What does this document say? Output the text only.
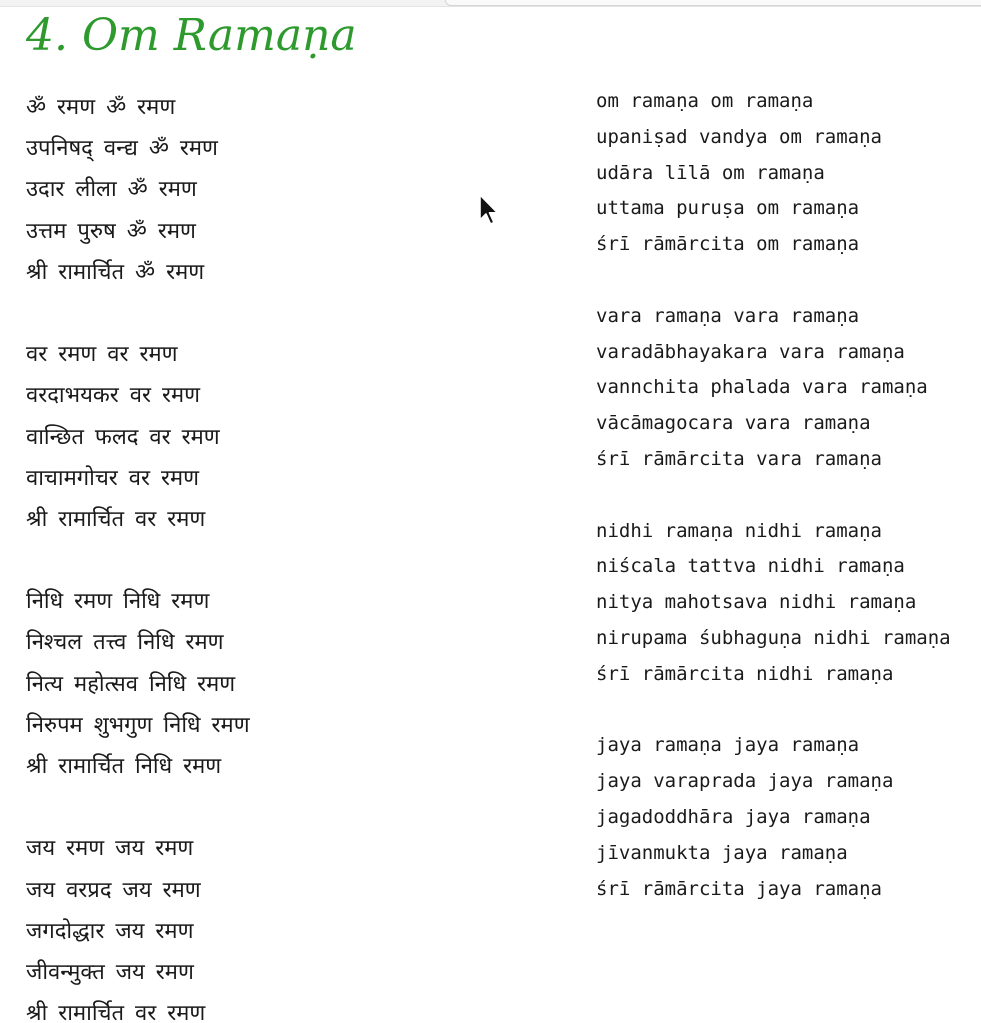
4. Om Ramaṇa
ॐ रमण ॐ रमण
उपनिषद् वन्द्य ॐ रमण
उदार लीला ॐ रमण
उत्तम पुरुष ॐ रमण
श्री रामार्चित ॐ रमण
वर रमण वर रमण
वरदाभयकर वर रमण
वान्छित फलद वर रमण
वाचामगोचर वर रमण
श्री रामार्चित वर रमण
निधि रमण निधि रमण
निश्चल तत्त्व निधि रमण
नित्य महोत्सव निधि रमण
निरुपम शुभगुण निधि रमण
श्री रामार्चित निधि रमण
जय रमण जय रमण
जय वरप्रद जय रमण
जगदोद्धार जय रमण
जीवन्मुक्त जय रमण
श्री रामार्चित वर रमण
om ramaṇa om ramaṇa
upaniṣad vandya om ramaṇa
udāra līlā om ramaṇa
uttama puruṣa om ramaṇa
śrī rāmārcita om ramaṇa
vara ramaṇa vara ramaṇa
varadābhayakara vara ramaṇa
vannchita phalada vara ramaṇa
vācāmagocara vara ramaṇa
śrī rāmārcita vara ramaṇa
nidhi ramaṇa nidhi ramaṇa
niścala tattva nidhi ramaṇa
nitya mahotsava nidhi ramaṇa
nirupama śubhaguṇa nidhi ramaṇa
śrī rāmārcita nidhi ramaṇa
jaya ramaṇa jaya ramaṇa
jaya varaprada jaya ramaṇa
jagadoddhāra jaya ramaṇa
jīvanmukta jaya ramaṇa
śrī rāmārcita jaya ramaṇa
